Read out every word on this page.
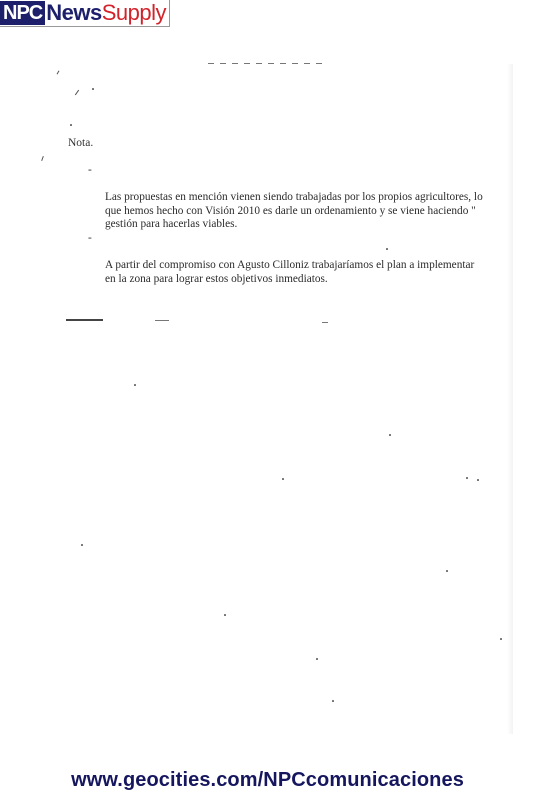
NPC News Supply
Nota.

-

Las propuestas en mención vienen siendo trabajadas por los propios agricultores, lo
que hemos hecho con Visión 2010 es darle un ordenamiento y se viene haciendo "
gestión para hacerlas viables.

-

A partir del compromiso con Agusto Cilloniz trabajaríamos el plan a implementar
en la zona para lograr estos objetivos inmediatos.

www.geocities.com/NPCcomunicaciones
